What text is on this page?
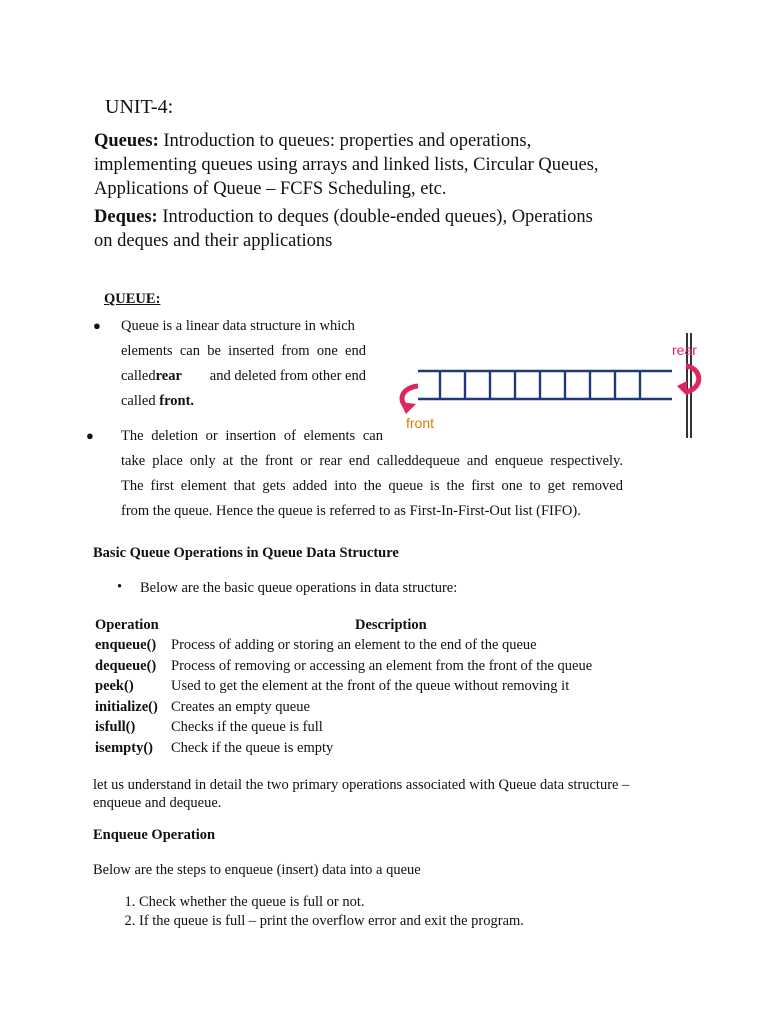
UNIT-4:
Queues: Introduction to queues: properties and operations,
implementing queues using arrays and linked lists, Circular Queues,
Applications of Queue – FCFS Scheduling, etc.
Deques: Introduction to deques (double-ended queues), Operations
on deques and their applications
QUEUE:
● Queue is a linear data structure in which
elements can be inserted from one end
calledrear and deleted from other end
called front.
rear
front
● The deletion or insertion of elements can
take place only at the front or rear end calleddequeue and enqueue respectively.
The first element that gets added into the queue is the first one to get removed
from the queue. Hence the queue is referred to as First-In-First-Out list (FIFO).
Basic Queue Operations in Queue Data Structure
• Below are the basic queue operations in data structure:
Operation	Description
enqueue()	Process of adding or storing an element to the end of the queue
dequeue()	Process of removing or accessing an element from the front of the queue
peek()	Used to get the element at the front of the queue without removing it
initialize()	Creates an empty queue
isfull()	Checks if the queue is full
isempty()	Check if the queue is empty
let us understand in detail the two primary operations associated with Queue data structure –
enqueue and dequeue.
Enqueue Operation
Below are the steps to enqueue (insert) data into a queue
1. Check whether the queue is full or not.
2. If the queue is full – print the overflow error and exit the program.
